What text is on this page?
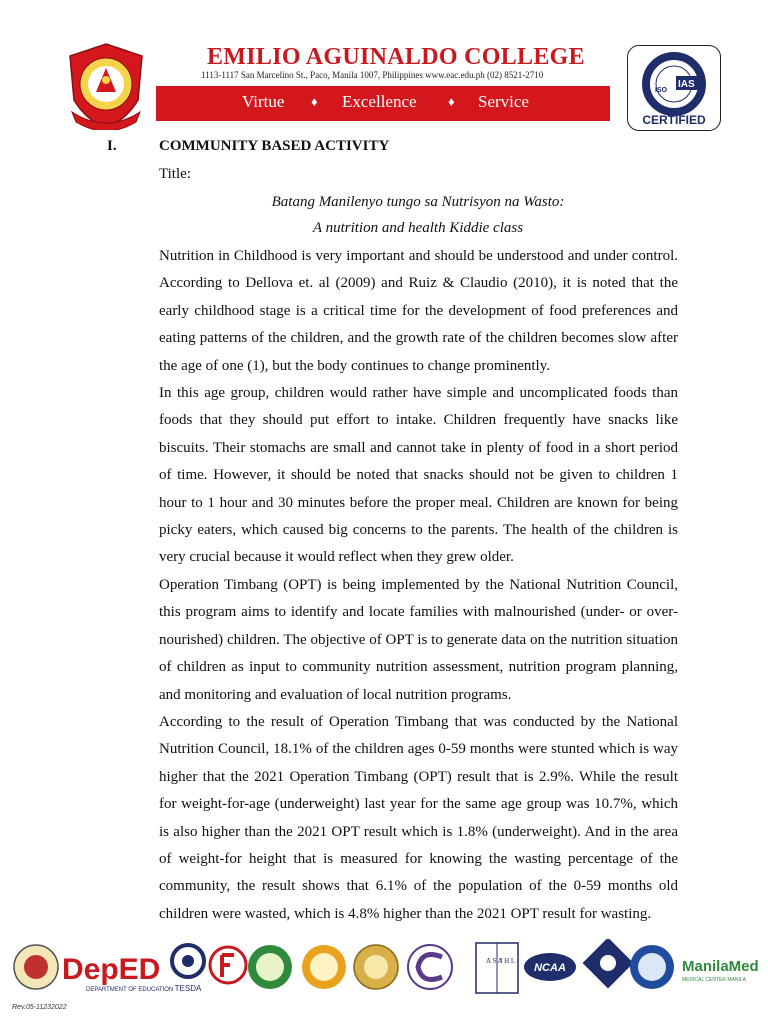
EMILIO AGUINALDO COLLEGE
1113-1117 San Marcelino St., Paco, Manila 1007, Philippines www.eac.edu.ph (02) 8521-2710
Virtue ♦ Excellence ♦ Service
ISO
IAS
CERTIFIED
I.	COMMUNITY BASED ACTIVITY
Title:
Batang Manilenyo tungo sa Nutrisyon na Wasto:
A nutrition and health Kiddie class

Nutrition in Childhood is very important and should be understood and under control. According to Dellova et. al (2009) and Ruiz & Claudio (2010), it is noted that the early childhood stage is a critical time for the development of food preferences and eating patterns of the children, and the growth rate of the children becomes slow after the age of one (1), but the body continues to change prominently.

In this age group, children would rather have simple and uncomplicated foods than foods that they should put effort to intake. Children frequently have snacks like biscuits. Their stomachs are small and cannot take in plenty of food in a short period of time. However, it should be noted that snacks should not be given to children 1 hour to 1 hour and 30 minutes before the proper meal. Children are known for being picky eaters, which caused big concerns to the parents. The health of the children is very crucial because it would reflect when they grew older.

Operation Timbang (OPT) is being implemented by the National Nutrition Council, this program aims to identify and locate families with malnourished (under- or over-nourished) children. The objective of OPT is to generate data on the nutrition situation of children as input to community nutrition assessment, nutrition program planning, and monitoring and evaluation of local nutrition programs.

According to the result of Operation Timbang that was conducted by the National Nutrition Council, 18.1% of the children ages 0-59 months were stunted which is way higher that the 2021 Operation Timbang (OPT) result that is 2.9%. While the result for weight-for-age (underweight) last year for the same age group was 10.7%, which is also higher than the 2021 OPT result which is 1.8% (underweight). And in the area of weight-for height that is measured for knowing the wasting percentage of the community, the result shows that 6.1% of the population of the 0-59 months old children were wasted, which is 4.8% higher than the 2021 OPT result for wasting.

DepED
DEPARTMENT OF EDUCATION TESDA
A S A
I H L
NCAA	ManilaMed
MEDICAL CENTER MANILA
Rev.05-11232022
